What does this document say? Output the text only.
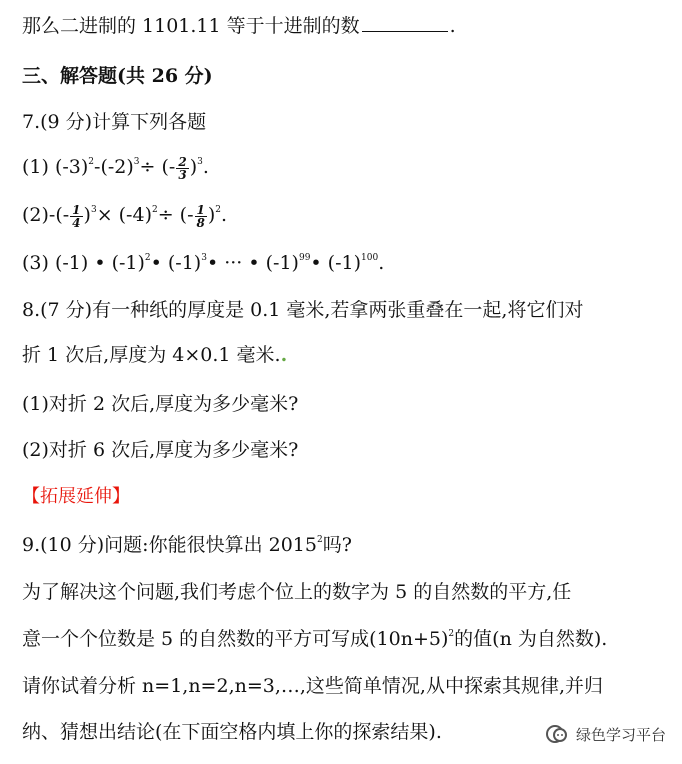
那么二进制的 1101.11 等于十进制的数	.
三、解答题(共 26 分)
7.(9 分)计算下列各题
(1) $(-3)^2-(-2)^3\div$ (- $\frac{2}{3} )^3$.
$(2)-(- \frac{1}{4} )^3\times (-4)^2\div$ (- $\frac{1}{8} )^2$.
(3) (-1) • $(-1)^2•$ $(-1)^3•$ ··· • $(-1)^{99}•$ $(-1)^{100}$.
8.(7 分)有一种纸的厚度是 0.1 毫米,若拿两张重叠在一起,将它们对
折 1 次后,厚度为 4×0.1 毫米..
(1)对折 2 次后,厚度为多少毫米?
(2)对折 6 次后,厚度为多少毫米?
【拓展延伸】
9.(10 分)问题:你能很快算出 2015$^2$吗?
为了解决这个问题,我们考虑个位上的数字为 5 的自然数的平方,任
意一个个位数是 5 的自然数的平方可写成$(10n+5)^2$的值(n 为自然数).
请你试着分析 n=1,n=2,n=3,…,这些简单情况,从中探索其规律,并归
纳、猜想出结论(在下面空格内填上你的探索结果).	绿色学习平台
